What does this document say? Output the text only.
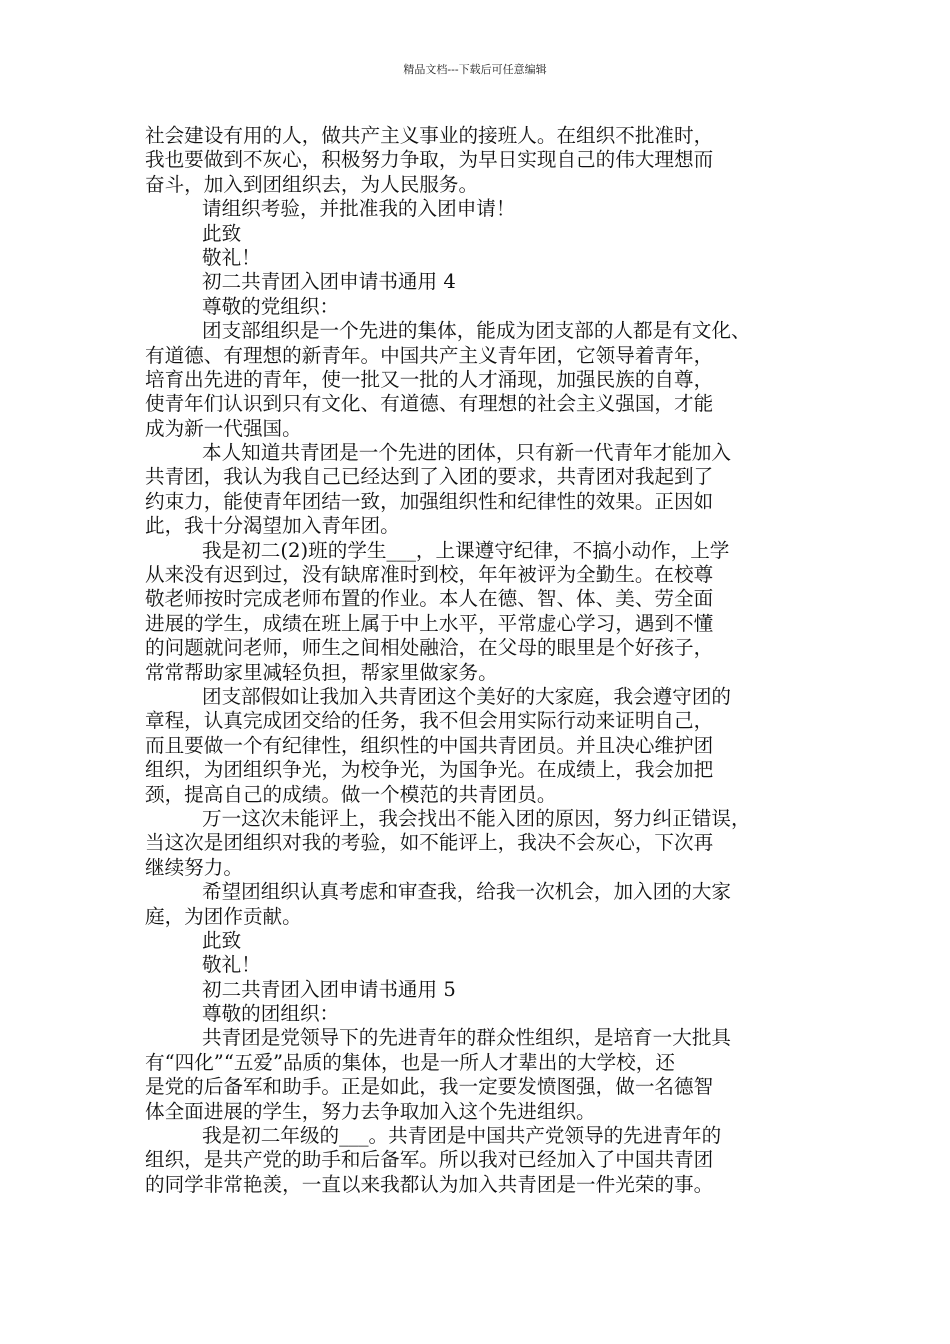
精品文档---下载后可任意编辑
社会建设有用的人，做共产主义事业的接班人。在组织不批准时，
我也要做到不灰心，积极努力争取，为早日实现自己的伟大理想而
奋斗，加入到团组织去，为人民服务。
请组织考验，并批准我的入团申请！
此致
敬礼！
初二共青团入团申请书通用 4
尊敬的党组织：
团支部组织是一个先进的集体，能成为团支部的人都是有文化、
有道德、有理想的新青年。中国共产主义青年团，它领导着青年，
培育出先进的青年，使一批又一批的人才涌现，加强民族的自尊，
使青年们认识到只有文化、有道德、有理想的社会主义强国，才能
成为新一代强国。
本人知道共青团是一个先进的团体，只有新一代青年才能加入
共青团，我认为我自己已经达到了入团的要求，共青团对我起到了
约束力，能使青年团结一致，加强组织性和纪律性的效果。正因如
此，我十分渴望加入青年团。
我是初二(2)班的学生___，上课遵守纪律，不搞小动作，上学
从来没有迟到过，没有缺席准时到校，年年被评为全勤生。在校尊
敬老师按时完成老师布置的作业。本人在德、智、体、美、劳全面
进展的学生，成绩在班上属于中上水平，平常虚心学习，遇到不懂
的问题就问老师，师生之间相处融洽，在父母的眼里是个好孩子，
常常帮助家里减轻负担，帮家里做家务。
团支部假如让我加入共青团这个美好的大家庭，我会遵守团的
章程，认真完成团交给的任务，我不但会用实际行动来证明自己，
而且要做一个有纪律性，组织性的中国共青团员。并且决心维护团
组织，为团组织争光，为校争光，为国争光。在成绩上，我会加把
颈，提高自己的成绩。做一个模范的共青团员。
万一这次未能评上，我会找出不能入团的原因，努力纠正错误，
当这次是团组织对我的考验，如不能评上，我决不会灰心，下次再
继续努力。
希望团组织认真考虑和审查我，给我一次机会，加入团的大家
庭，为团作贡献。
此致
敬礼！
初二共青团入团申请书通用 5
尊敬的团组织：
共青团是党领导下的先进青年的群众性组织，是培育一大批具
有“四化”“五爱”品质的集体，也是一所人才辈出的大学校，还
是党的后备军和助手。正是如此，我一定要发愤图强，做一名德智
体全面进展的学生，努力去争取加入这个先进组织。
我是初二年级的___。共青团是中国共产党领导的先进青年的
组织，是共产党的助手和后备军。所以我对已经加入了中国共青团
的同学非常艳羡，一直以来我都认为加入共青团是一件光荣的事。
